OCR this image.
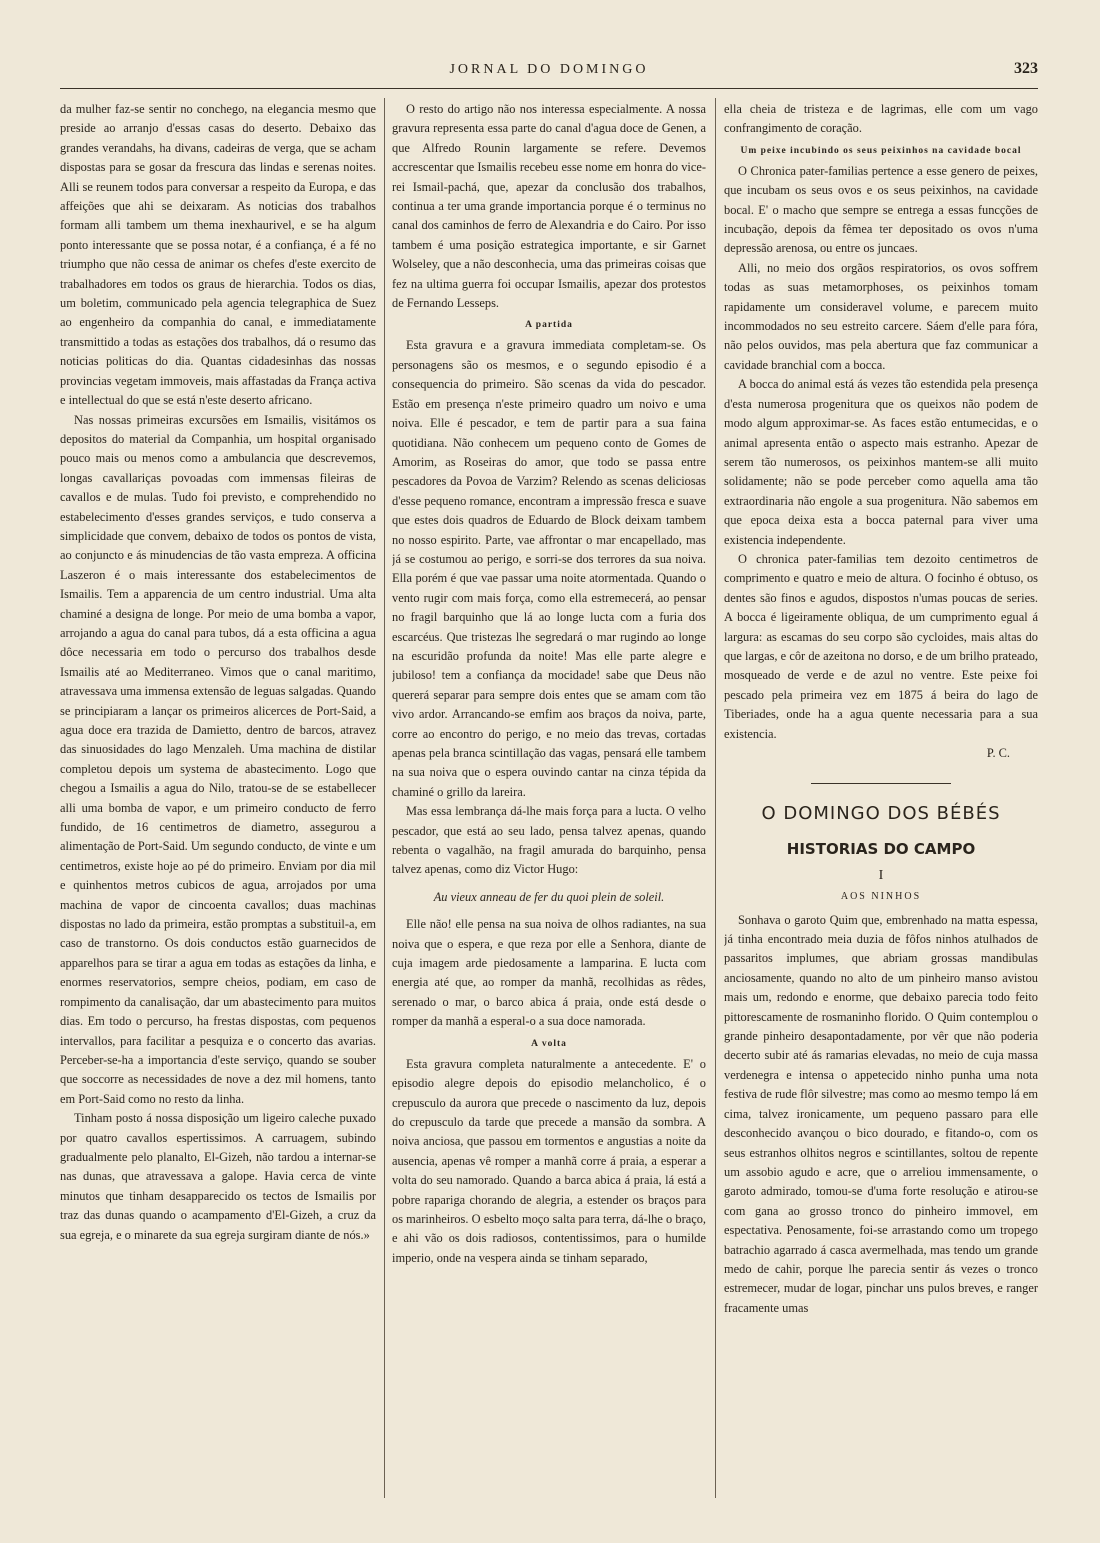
JORNAL DO DOMINGO	323

da mulher faz-se sentir no conchego, na elegancia mesmo que preside ao arranjo d'essas casas do deserto. Debaixo das grandes verandahs, ha divans, cadeiras de verga, que se acham dispostas para se gosar da frescura das lindas e serenas noites. Alli se reunem todos para conversar a respeito da Europa, e das affeições que ahi se deixaram. As noticias dos trabalhos formam alli tambem um thema inexhaurivel, e se ha algum ponto interessante que se possa notar, é a confiança, é a fé no triumpho que não cessa de animar os chefes d'este exercito de trabalhadores em todos os graus de hierarchia. Todos os dias, um boletim, communicado pela agencia telegraphica de Suez ao engenheiro da companhia do canal, e immediatamente transmittido a todas as estações dos trabalhos, dá o resumo das noticias politicas do dia. Quantas cidadesinhas das nossas provincias vegetam immoveis, mais affastadas da França activa e intellectual do que se está n'este deserto africano.

Nas nossas primeiras excursões em Ismailis, visitámos os depositos do material da Companhia, um hospital organisado pouco mais ou menos como a ambulancia que descrevemos, longas cavallariças povoadas com immensas fileiras de cavallos e de mulas. Tudo foi previsto, e comprehendido no estabelecimento d'esses grandes serviços, e tudo conserva a simplicidade que convem, debaixo de todos os pontos de vista, ao conjuncto e ás minudencias de tão vasta empreza. A officina Laszeron é o mais interessante dos estabelecimentos de Ismailis. Tem a apparencia de um centro industrial. Uma alta chaminé a designa de longe. Por meio de uma bomba a vapor, arrojando a agua do canal para tubos, dá a esta officina a agua dôce necessaria em todo o percurso dos trabalhos desde Ismailis até ao Mediterraneo. Vimos que o canal maritimo, atravessava uma immensa extensão de leguas salgadas. Quando se principiaram a lançar os primeiros alicerces de Port-Said, a agua doce era trazida de Damietto, dentro de barcos, atravez das sinuosidades do lago Menzaleh. Uma machina de distilar completou depois um systema de abastecimento. Logo que chegou a Ismailis a agua do Nilo, tratou-se de se estabellecer alli uma bomba de vapor, e um primeiro conducto de ferro fundido, de 16 centimetros de diametro, assegurou a alimentação de Port-Said. Um segundo conducto, de vinte e um centimetros, existe hoje ao pé do primeiro. Enviam por dia mil e quinhentos metros cubicos de agua, arrojados por uma machina de vapor de cincoenta cavallos; duas machinas dispostas no lado da primeira, estão promptas a substituil-a, em caso de transtorno. Os dois conductos estão guarnecidos de apparelhos para se tirar a agua em todas as estações da linha, e enormes reservatorios, sempre cheios, podiam, em caso de rompimento da canalisação, dar um abastecimento para muitos dias. Em todo o percurso, ha frestas dispostas, com pequenos intervallos, para facilitar a pesquiza e o concerto das avarias. Perceber-se-ha a importancia d'este serviço, quando se souber que soccorre as necessidades de nove a dez mil homens, tanto em Port-Said como no resto da linha.

Tinham posto á nossa disposição um ligeiro caleche puxado por quatro cavallos espertissimos. A carruagem, subindo gradualmente pelo planalto, El-Gizeh, não tardou a internar-se nas dunas, que atravessava a galope. Havia cerca de vinte minutos que tinham desapparecido os tectos de Ismailis por traz das dunas quando o acampamento d'El-Gizeh, a cruz da sua egreja, e o minarete da sua egreja surgiram diante de nós.»

O resto do artigo não nos interessa especialmente. A nossa gravura representa essa parte do canal d'agua doce de Genen, a que Alfredo Rounin largamente se refere. Devemos accrescentar que Ismailis recebeu esse nome em honra do vice-rei Ismail-pachá, que, apezar da conclusão dos trabalhos, continua a ter uma grande importancia porque é o terminus no canal dos caminhos de ferro de Alexandria e do Cairo. Por isso tambem é uma posição estrategica importante, e sir Garnet Wolseley, que a não desconhecia, uma das primeiras coisas que fez na ultima guerra foi occupar Ismailis, apezar dos protestos de Fernando Lesseps.

A partida

Esta gravura e a gravura immediata completam-se. Os personagens são os mesmos, e o segundo episodio é a consequencia do primeiro. São scenas da vida do pescador. Estão em presença n'este primeiro quadro um noivo e uma noiva. Elle é pescador, e tem de partir para a sua faina quotidiana. Não conhecem um pequeno conto de Gomes de Amorim, as Roseiras do amor, que todo se passa entre pescadores da Povoa de Varzim? Relendo as scenas deliciosas d'esse pequeno romance, encontram a impressão fresca e suave que estes dois quadros de Eduardo de Block deixam tambem no nosso espirito. Parte, vae affrontar o mar encapellado, mas já se costumou ao perigo, e sorri-se dos terrores da sua noiva. Ella porém é que vae passar uma noite atormentada. Quando o vento rugir com mais força, como ella estremecerá, ao pensar no fragil barquinho que lá ao longe lucta com a furia dos escarcéus. Que tristezas lhe segredará o mar rugindo ao longe na escuridão profunda da noite! Mas elle parte alegre e jubiloso! tem a confiança da mocidade! sabe que Deus não quererá separar para sempre dois entes que se amam com tão vivo ardor. Arrancando-se emfim aos braços da noiva, parte, corre ao encontro do perigo, e no meio das trevas, cortadas apenas pela branca scintillação das vagas, pensará elle tambem na sua noiva que o espera ouvindo cantar na cinza tépida da chaminé o grillo da lareira.

Mas essa lembrança dá-lhe mais força para a lucta. O velho pescador, que está ao seu lado, pensa talvez apenas, quando rebenta o vagalhão, na fragil amurada do barquinho, pensa talvez apenas, como diz Victor Hugo:

Au vieux anneau de fer du quoi plein de soleil.

Elle não! elle pensa na sua noiva de olhos radiantes, na sua noiva que o espera, e que reza por elle a Senhora, diante de cuja imagem arde piedosamente a lamparina. E lucta com energia até que, ao romper da manhã, recolhidas as rêdes, serenado o mar, o barco abica á praia, onde está desde o romper da manhã a esperal-o a sua doce namorada.

A volta

Esta gravura completa naturalmente a antecedente. E' o episodio alegre depois do episodio melancholico, é o crepusculo da aurora que precede o nascimento da luz, depois do crepusculo da tarde que precede a mansão da sombra. A noiva anciosa, que passou em tormentos e angustias a noite da ausencia, apenas vê romper a manhã corre á praia, a esperar a volta do seu namorado. Quando a barca abica á praia, lá está a pobre rapariga chorando de alegria, a estender os braços para os marinheiros. O esbelto moço salta para terra, dá-lhe o braço, e ahi vão os dois radiosos, contentissimos, para o humilde imperio, onde na vespera ainda se tinham separado,

ella cheia de tristeza e de lagrimas, elle com um vago confrangimento de coração.

Um peixe incubindo os seus peixinhos na cavidade bocal

O Chronica pater-familias pertence a esse genero de peixes, que incubam os seus ovos e os seus peixinhos, na cavidade bocal. E' o macho que sempre se entrega a essas funcções de incubação, depois da fêmea ter depositado os ovos n'uma depressão arenosa, ou entre os juncaes.

Alli, no meio dos orgãos respiratorios, os ovos soffrem todas as suas metamorphoses, os peixinhos tomam rapidamente um consideravel volume, e parecem muito incommodados no seu estreito carcere. Sáem d'elle para fóra, não pelos ouvidos, mas pela abertura que faz communicar a cavidade branchial com a bocca.

A bocca do animal está ás vezes tão estendida pela presença d'esta numerosa progenitura que os queixos não podem de modo algum approximar-se. As faces estão entumecidas, e o animal apresenta então o aspecto mais estranho. Apezar de serem tão numerosos, os peixinhos mantem-se alli muito solidamente; não se pode perceber como aquella ama tão extraordinaria não engole a sua progenitura. Não sabemos em que epoca deixa esta a bocca paternal para viver uma existencia independente.

O chronica pater-familias tem dezoito centimetros de comprimento e quatro e meio de altura. O focinho é obtuso, os dentes são finos e agudos, dispostos n'umas poucas de series. A bocca é ligeiramente obliqua, de um cumprimento egual á largura: as escamas do seu corpo são cycloides, mais altas do que largas, e côr de azeitona no dorso, e de um brilho prateado, mosqueado de verde e de azul no ventre. Este peixe foi pescado pela primeira vez em 1875 á beira do lago de Tiberiades, onde ha a agua quente necessaria para a sua existencia.

P. C.

O DOMINGO DOS BÉBÉS
HISTORIAS DO CAMPO
I
AOS NINHOS

Sonhava o garoto Quim que, embrenhado na matta espessa, já tinha encontrado meia duzia de fôfos ninhos atulhados de passaritos implumes, que abriam grossas mandibulas anciosamente, quando no alto de um pinheiro manso avistou mais um, redondo e enorme, que debaixo parecia todo feito pittorescamente de rosmaninho florido. O Quim contemplou o grande pinheiro desapontadamente, por vêr que não poderia decerto subir até ás ramarias elevadas, no meio de cuja massa verdenegra e intensa o appetecido ninho punha uma nota festiva de rude flôr silvestre; mas como ao mesmo tempo lá em cima, talvez ironicamente, um pequeno passaro para elle desconhecido avançou o bico dourado, e fitando-o, com os seus estranhos olhitos negros e scintillantes, soltou de repente um assobio agudo e acre, que o arreliou immensamente, o garoto admirado, tomou-se d'uma forte resolução e atirou-se com gana ao grosso tronco do pinheiro immovel, em espectativa. Penosamente, foi-se arrastando como um tropego batrachio agarrado á casca avermelhada, mas tendo um grande medo de cahir, porque lhe parecia sentir ás vezes o tronco estremecer, mudar de logar, pinchar uns pulos breves, e ranger fracamente umas
